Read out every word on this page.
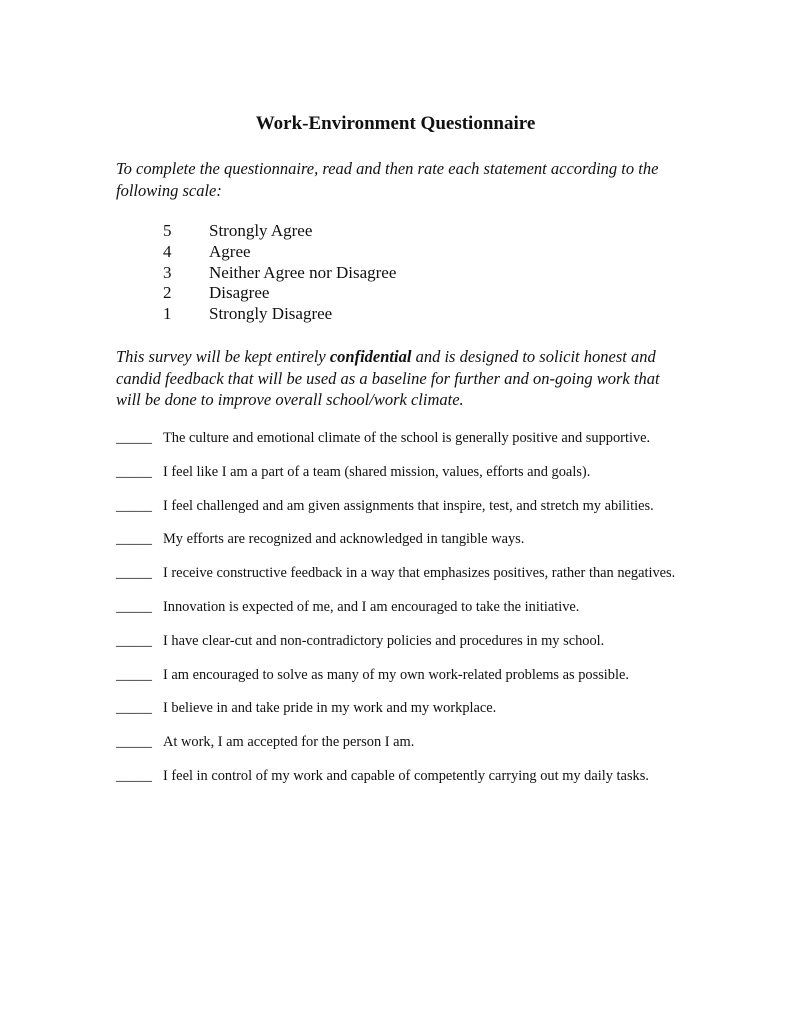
Work-Environment Questionnaire
To complete the questionnaire, read and then rate each statement according to the following scale:
5	Strongly Agree
4	Agree
3	Neither Agree nor Disagree
2	Disagree
1	Strongly Disagree
This survey will be kept entirely confidential and is designed to solicit honest and candid feedback that will be used as a baseline for further and on-going work that will be done to improve overall school/work climate.
_____ The culture and emotional climate of the school is generally positive and supportive.
_____ I feel like I am a part of a team (shared mission, values, efforts and goals).
_____ I feel challenged and am given assignments that inspire, test, and stretch my abilities.
_____ My efforts are recognized and acknowledged in tangible ways.
_____ I receive constructive feedback in a way that emphasizes positives, rather than negatives.
_____ Innovation is expected of me, and I am encouraged to take the initiative.
_____ I have clear-cut and non-contradictory policies and procedures in my school.
_____ I am encouraged to solve as many of my own work-related problems as possible.
_____ I believe in and take pride in my work and my workplace.
_____ At work, I am accepted for the person I am.
_____ I feel in control of my work and capable of competently carrying out my daily tasks.
